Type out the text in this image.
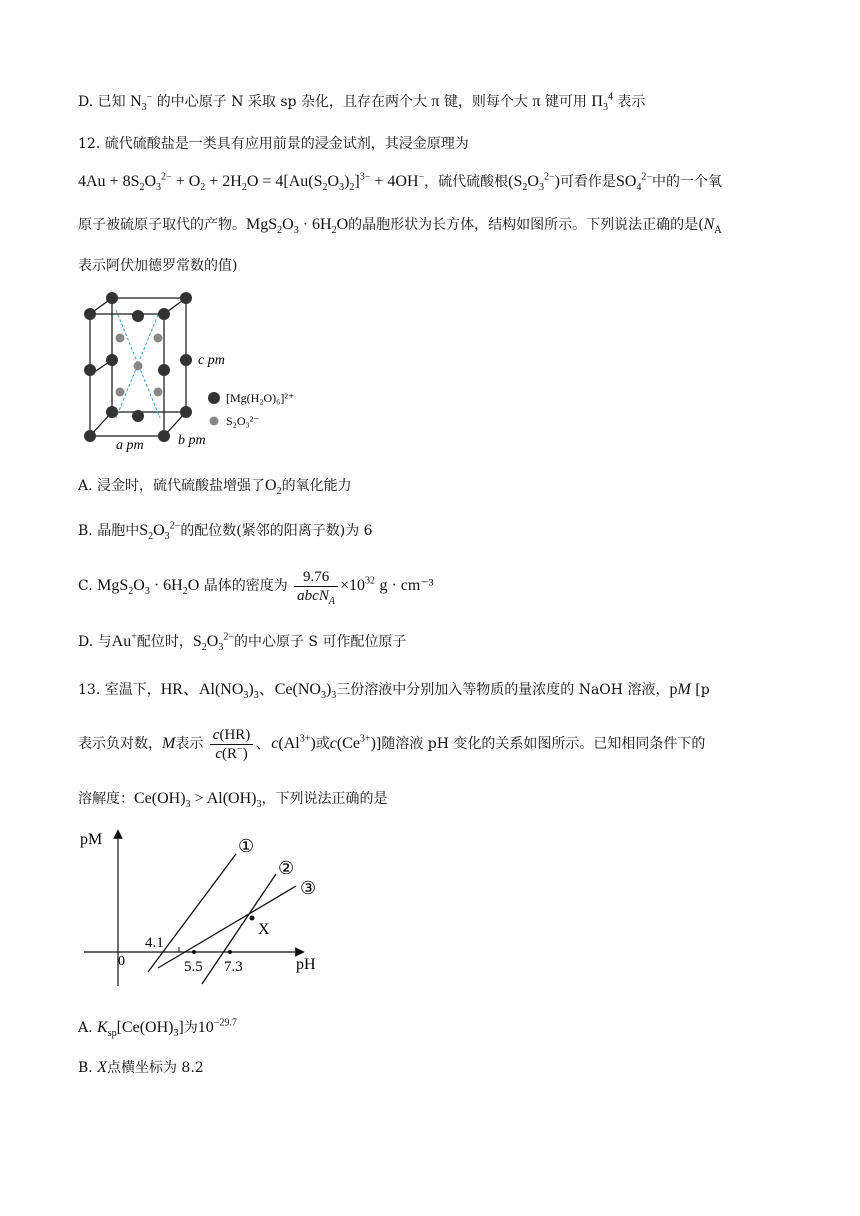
D. 已知 $N_3^-$ 的中心原子 N 采取 sp 杂化，且存在两个大 π 键，则每个大 π 键可用 $\Pi_3^4$ 表示
12. 硫代硫酸盐是一类具有应用前景的浸金试剂，其浸金原理为
$4Au + 8S_2O_3^{2-} + O_2 + 2H_2O = 4[Au(S_2O_3)_2]^{3-} + 4OH^-$，硫代硫酸根$(S_2O_3^{2-})$可看作是$SO_4^{2-}$中的一个氧
原子被硫原子取代的产物。$MgS_2O_3 \cdot 6H_2O$的晶胞形状为长方体，结构如图所示。下列说法正确的是($N_A$
表示阿伏加德罗常数的值)
c pm
a pm b pm
[Mg(H₂O)₆]²⁺
S₂O₃²⁻
A. 浸金时，硫代硫酸盐增强了$O_2$的氧化能力
B. 晶胞中$S_2O_3^{2-}$的配位数(紧邻的阳离子数)为 6
C. $MgS_2O_3 \cdot 6H_2O$ 晶体的密度为 $\frac{9.76}{abcN_A} \times 10^{32}$ g · cm⁻³
D. 与Au+配位时，$S_2O_3^{2-}$的中心原子 S 可作配位原子
13. 室温下，HR、$Al(NO_3)_3$、$Ce(NO_3)_3$三份溶液中分别加入等物质的量浓度的 NaOH 溶液，pM [p
表示负对数，M表示 $\frac{c(HR)}{c(R^-)}$ 、$c(Al^{3+})$或$c(Ce^{3+})$]随溶液 pH 变化的关系如图所示。已知相同条件下的
溶解度：$Ce(OH)_3 > Al(OH)_3$，下列说法正确的是
pM
pH
0
4.1
5.5 7.3
X
①
②
③
A. $K_{sp}[Ce(OH)_3]$为$10^{-29.7}$
B. X点横坐标为 8.2
